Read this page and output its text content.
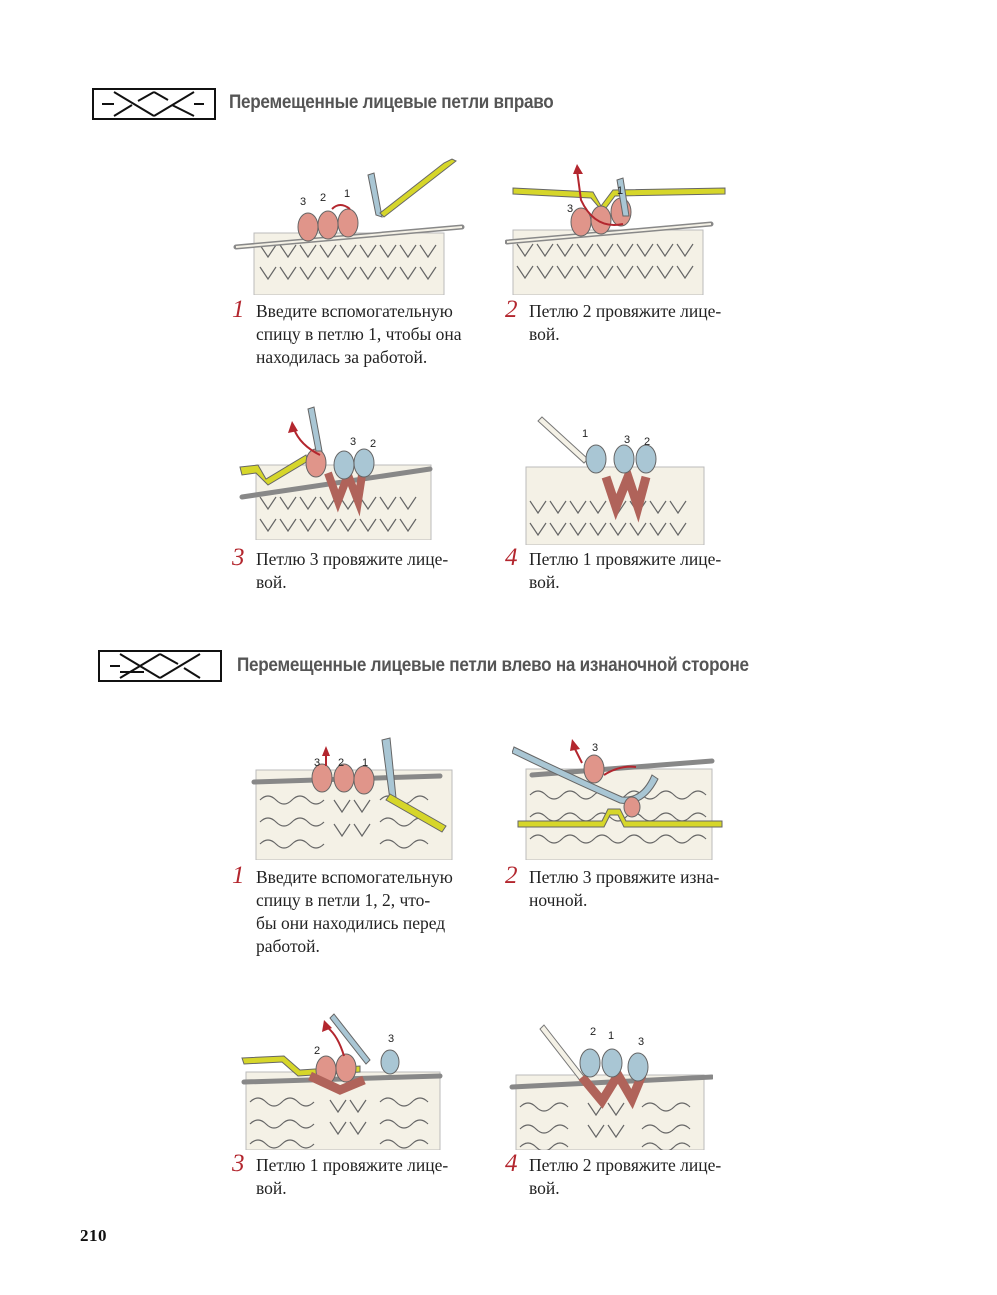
Перемещенные лицевые петли вправо
3 2 1
1 Введите вспомогательную
спицу в петлю 1, чтобы она
находилась за работой.
3
1
2 Петлю 2 провяжите лице-
вой.
3 2
3 Петлю 3 провяжите лице-
вой.
1	3 2
4 Петлю 1 провяжите лице-
вой.
Перемещенные лицевые петли влево на изнаночной стороне
3 2 1
1 Введите вспомогательную
спицу в петли 1, 2, что-
бы они находились перед
работой.
3
2 Петлю 3 провяжите изна-
ночной.
2
3
3 Петлю 1 провяжите лице-
вой.
2 1 3
4 Петлю 2 провяжите лице-
вой.
210
